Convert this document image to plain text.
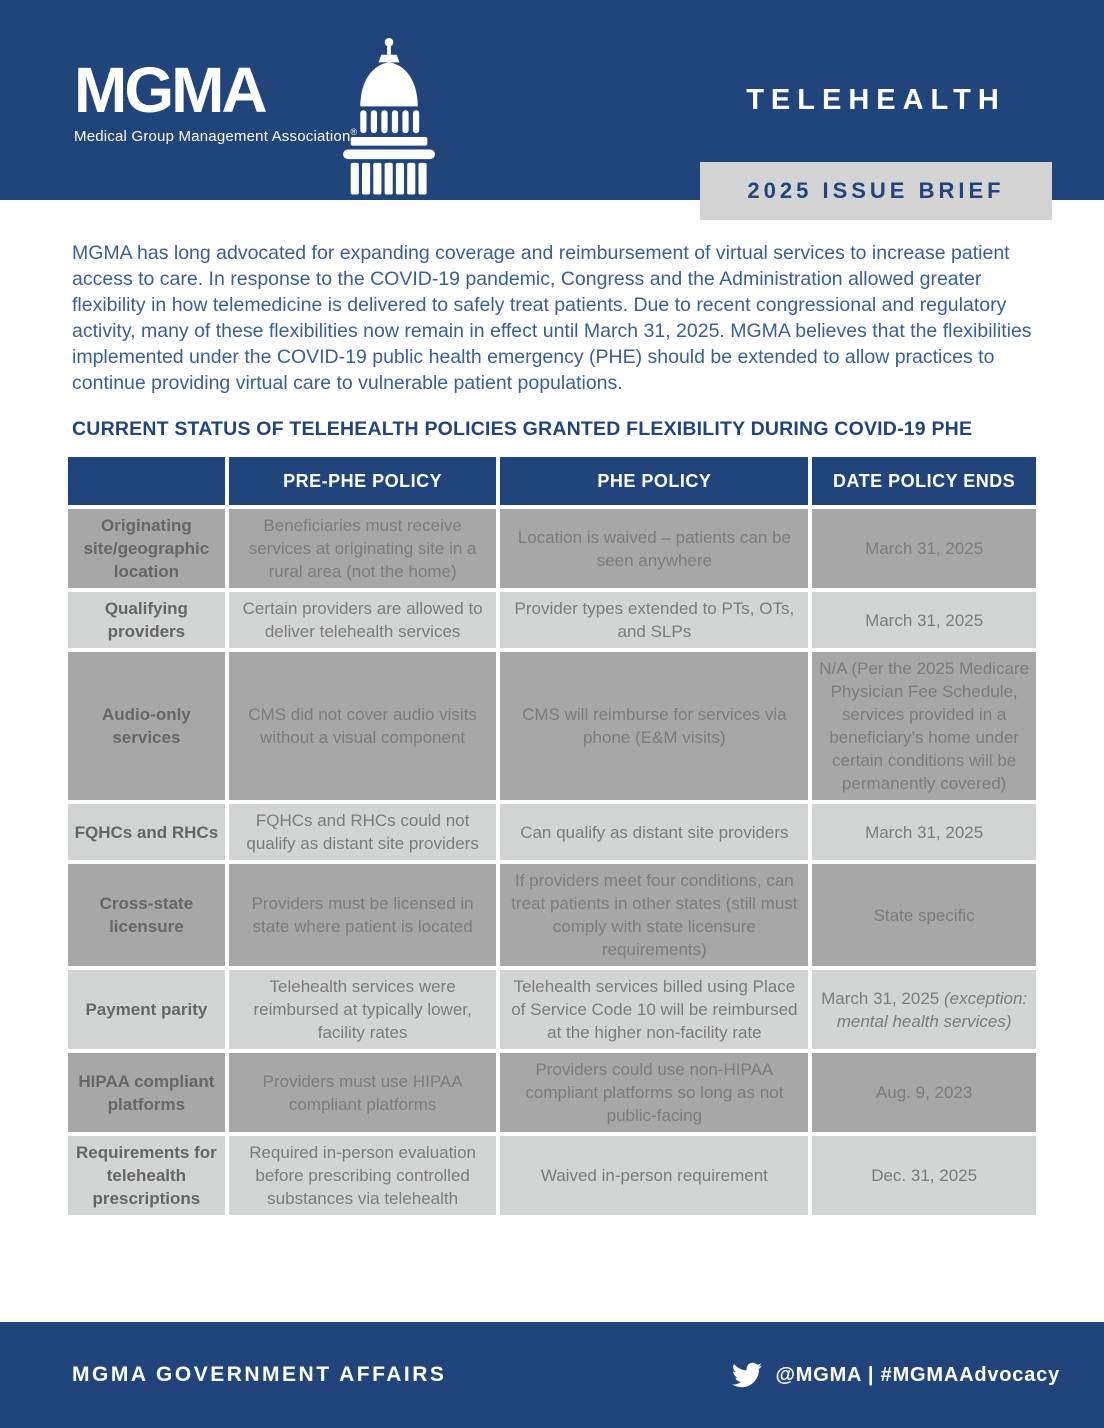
MGMA
Medical Group Management Association®
TELEHEALTH
2025 ISSUE BRIEF

MGMA has long advocated for expanding coverage and reimbursement of virtual services to increase patient access to care. In response to the COVID-19 pandemic, Congress and the Administration allowed greater flexibility in how telemedicine is delivered to safely treat patients. Due to recent congressional and regulatory activity, many of these flexibilities now remain in effect until March 31, 2025. MGMA believes that the flexibilities implemented under the COVID-19 public health emergency (PHE) should be extended to allow practices to continue providing virtual care to vulnerable patient populations.

CURRENT STATUS OF TELEHEALTH POLICIES GRANTED FLEXIBILITY DURING COVID-19 PHE
	PRE-PHE POLICY	PHE POLICY	DATE POLICY ENDS
Originating site/geographic location	Beneficiaries must receive services at originating site in a rural area (not the home)	Location is waived – patients can be seen anywhere	March 31, 2025
Qualifying providers	Certain providers are allowed to deliver telehealth services	Provider types extended to PTs, OTs, and SLPs	March 31, 2025
Audio-only services	CMS did not cover audio visits without a visual component	CMS will reimburse for services via phone (E&M visits)	N/A (Per the 2025 Medicare Physician Fee Schedule, services provided in a beneficiary’s home under certain conditions will be permanently covered)
FQHCs and RHCs	FQHCs and RHCs could not qualify as distant site providers	Can qualify as distant site providers	March 31, 2025
Cross-state licensure	Providers must be licensed in state where patient is located	If providers meet four conditions, can treat patients in other states (still must comply with state licensure requirements)	State specific
Payment parity	Telehealth services were reimbursed at typically lower, facility rates	Telehealth services billed using Place of Service Code 10 will be reimbursed at the higher non-facility rate	March 31, 2025 (exception: mental health services)
HIPAA compliant platforms	Providers must use HIPAA compliant platforms	Providers could use non-HIPAA compliant platforms so long as not public-facing	Aug. 9, 2023
Requirements for telehealth prescriptions	Required in-person evaluation before prescribing controlled substances via telehealth	Waived in-person requirement	Dec. 31, 2025
MGMA GOVERNMENT AFFAIRS	@MGMA | #MGMAAdvocacy
